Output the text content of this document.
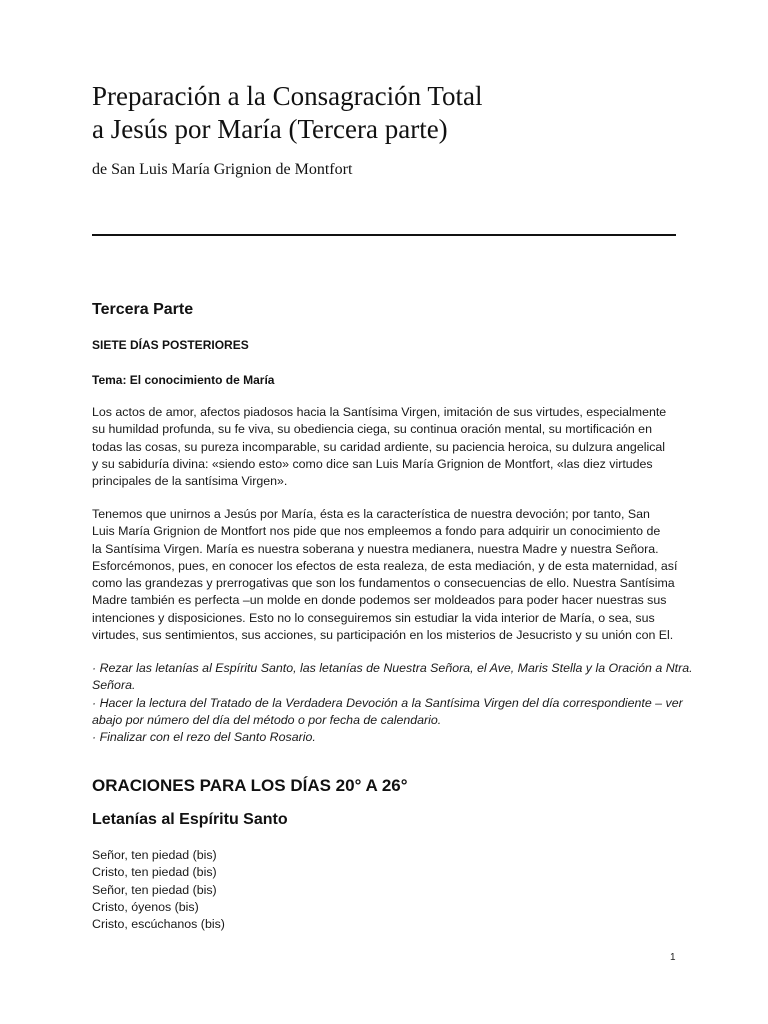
Preparación a la Consagración Total
a Jesús por María (Tercera parte)
de San Luis María Grignion de Montfort
Tercera Parte
SIETE DÍAS POSTERIORES
Tema: El conocimiento de María

Los actos de amor, afectos piadosos hacia la Santísima Virgen, imitación de sus virtudes, especialmente
su humildad profunda, su fe viva, su obediencia ciega, su continua oración mental, su mortificación en
todas las cosas, su pureza incomparable, su caridad ardiente, su paciencia heroica, su dulzura angelical
y su sabiduría divina: «siendo esto» como dice san Luis María Grignion de Montfort, «las diez virtudes
principales de la santísima Virgen».

Tenemos que unirnos a Jesús por María, ésta es la característica de nuestra devoción; por tanto, San
Luis María Grignion de Montfort nos pide que nos empleemos a fondo para adquirir un conocimiento de
la Santísima Virgen. María es nuestra soberana y nuestra medianera, nuestra Madre y nuestra Señora.
Esforcémonos, pues, en conocer los efectos de esta realeza, de esta mediación, y de esta maternidad, así
como las grandezas y prerrogativas que son los fundamentos o consecuencias de ello. Nuestra Santísima
Madre también es perfecta –un molde en donde podemos ser moldeados para poder hacer nuestras sus
intenciones y disposiciones. Esto no lo conseguiremos sin estudiar la vida interior de María, o sea, sus
virtudes, sus sentimientos, sus acciones, su participación en los misterios de Jesucristo y su unión con El.

· Rezar las letanías al Espíritu Santo, las letanías de Nuestra Señora, el Ave, Maris Stella y la Oración a Ntra.
Señora.
· Hacer la lectura del Tratado de la Verdadera Devoción a la Santísima Virgen del día correspondiente – ver
abajo por número del día del método o por fecha de calendario.
· Finalizar con el rezo del Santo Rosario.

ORACIONES PARA LOS DÍAS 20° A 26°
Letanías al Espíritu Santo

Señor, ten piedad (bis)
Cristo, ten piedad (bis)
Señor, ten piedad (bis)
Cristo, óyenos (bis)
Cristo, escúchanos (bis)

1
